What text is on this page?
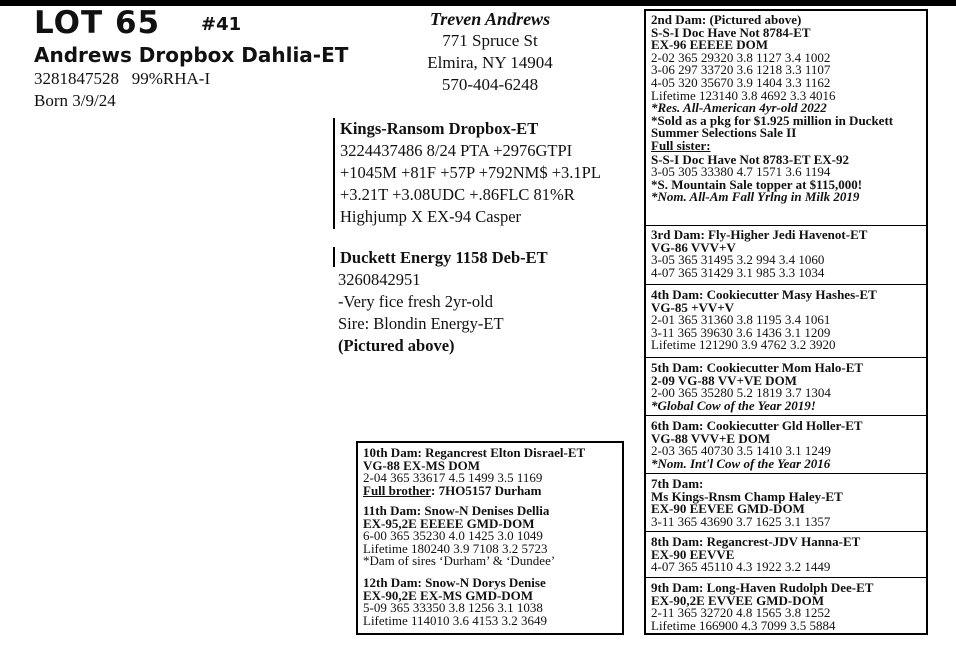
LOT 65 #41
Andrews Dropbox Dahlia-ET
3281847528   99%RHA-I
Born 3/9/24
Treven Andrews
771 Spruce St
Elmira, NY 14904
570-404-6248
Kings-Ransom Dropbox-ET
3224437486 8/24 PTA +2976GTPI
+1045M +81F +57P +792NM$ +3.1PL
+3.21T +3.08UDC +.86FLC 81%R
Highjump X EX-94 Casper
Duckett Energy 1158 Deb-ET
3260842951
-Very fice fresh 2yr-old
Sire: Blondin Energy-ET
(Pictured above)
2nd Dam: (Pictured above)
S-S-I Doc Have Not 8784-ET
EX-96 EEEEE DOM
2-02 365 29320 3.8 1127 3.4 1002
3-06 297 33720 3.6 1218 3.3 1107
4-05 320 35670 3.9 1404 3.3 1162
Lifetime 123140 3.8 4692 3.3 4016
*Res. All-American 4yr-old 2022
*Sold as a pkg for $1.925 million in Duckett
Summer Selections Sale II
Full sister:
S-S-I Doc Have Not 8783-ET EX-92
3-05 305 33380 4.7 1571 3.6 1194
*S. Mountain Sale topper at $115,000!
*Nom. All-Am Fall Yrlng in Milk 2019
3rd Dam: Fly-Higher Jedi Havenot-ET
VG-86 VVV+V
3-05 365 31495 3.2 994 3.4 1060
4-07 365 31429 3.1 985 3.3 1034
4th Dam: Cookiecutter Masy Hashes-ET
VG-85 +VV+V
2-01 365 31360 3.8 1195 3.4 1061
3-11 365 39630 3.6 1436 3.1 1209
Lifetime 121290 3.9 4762 3.2 3920
5th Dam: Cookiecutter Mom Halo-ET
2-09 VG-88 VV+VE DOM
2-00 365 35280 5.2 1819 3.7 1304
*Global Cow of the Year 2019!
6th Dam: Cookiecutter Gld Holler-ET
VG-88 VVV+E DOM
2-03 365 40730 3.5 1410 3.1 1249
*Nom. Int'l Cow of the Year 2016
7th Dam:
Ms Kings-Rnsm Champ Haley-ET
EX-90 EEVEE GMD-DOM
3-11 365 43690 3.7 1625 3.1 1357
8th Dam: Regancrest-JDV Hanna-ET
EX-90 EEVVE
4-07 365 45110 4.3 1922 3.2 1449
9th Dam: Long-Haven Rudolph Dee-ET
EX-90,2E EVVEE GMD-DOM
2-11 365 32720 4.8 1565 3.8 1252
Lifetime 166900 4.3 7099 3.5 5884
10th Dam: Regancrest Elton Disrael-ET
VG-88 EX-MS DOM
2-04 365 33617 4.5 1499 3.5 1169
Full brother: 7HO5157 Durham
11th Dam: Snow-N Denises Dellia
EX-95,2E EEEEE GMD-DOM
6-00 365 35230 4.0 1425 3.0 1049
Lifetime 180240 3.9 7108 3.2 5723
*Dam of sires ‘Durham’ & ‘Dundee’
12th Dam: Snow-N Dorys Denise
EX-90,2E EX-MS GMD-DOM
5-09 365 33350 3.8 1256 3.1 1038
Lifetime 114010 3.6 4153 3.2 3649
